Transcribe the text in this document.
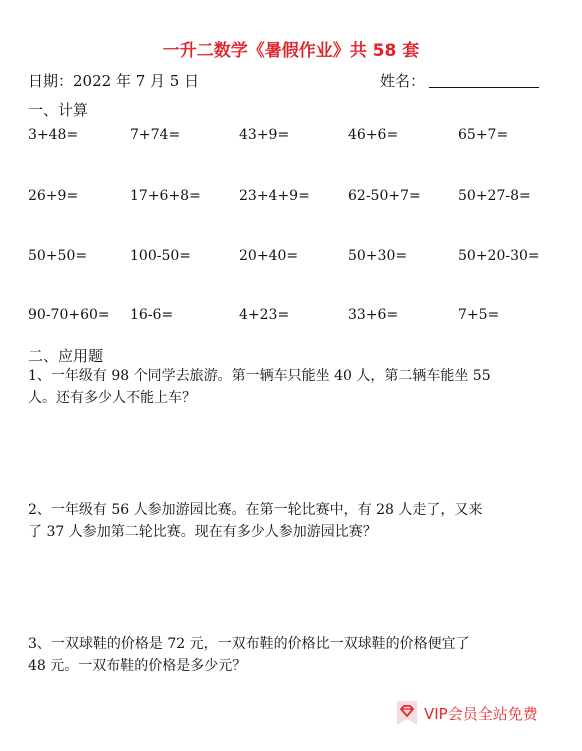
一升二数学《暑假作业》共 58 套
日期：2022 年 7 月 5 日	姓名：
一、计算
3+48=	7+74=	43+9=	46+6=	65+7=
26+9=	17+6+8=	23+4+9=	62-50+7=	50+27-8=
50+50=	100-50=	20+40=	50+30=	50+20-30=
90-70+60= 16-6=	4+23=	33+6=	7+5=
二、应用题
1、一年级有 98 个同学去旅游。第一辆车只能坐 40 人，第二辆车能坐 55
人。还有多少人不能上车？
2、一年级有 56 人参加游园比赛。在第一轮比赛中，有 28 人走了，又来
了 37 人参加第二轮比赛。现在有多少人参加游园比赛？
3、一双球鞋的价格是 72 元，一双布鞋的价格比一双球鞋的价格便宜了
48 元。一双布鞋的价格是多少元？
VIP会员全站免费
